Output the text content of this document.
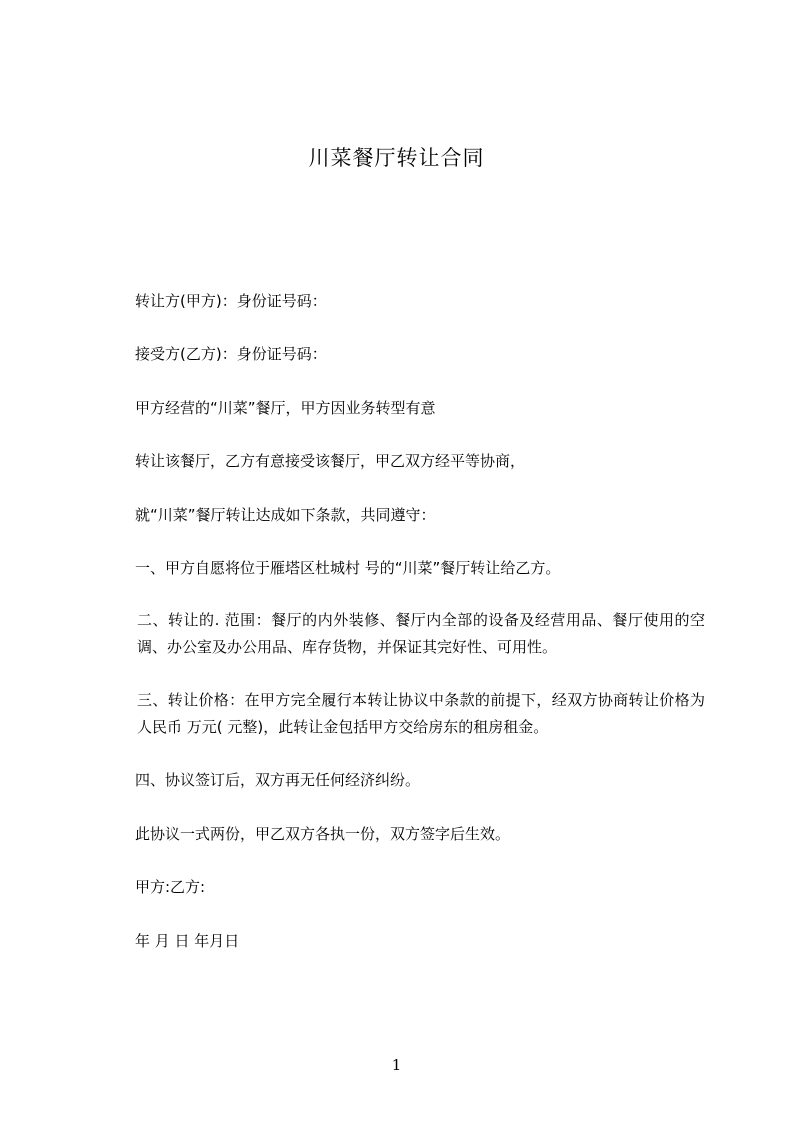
川菜餐厅转让合同
转让方(甲方)：身份证号码：
接受方(乙方)：身份证号码：
甲方经营的“川菜”餐厅，甲方因业务转型有意
转让该餐厅，乙方有意接受该餐厅，甲乙双方经平等协商，
就“川菜”餐厅转让达成如下条款，共同遵守：
一、甲方自愿将位于雁塔区杜城村 号的“川菜”餐厅转让给乙方。
二、转让的. 范围：餐厅的内外装修、餐厅内全部的设备及经营用品、餐厅使用的空调、办公室及办公用品、库存货物，并保证其完好性、可用性。
三、转让价格：在甲方完全履行本转让协议中条款的前提下，经双方协商转让价格为人民币 万元( 元整)，此转让金包括甲方交给房东的租房租金。
四、协议签订后，双方再无任何经济纠纷。
此协议一式两份，甲乙双方各执一份，双方签字后生效。
甲方:乙方:
年 月 日 年月日
1
